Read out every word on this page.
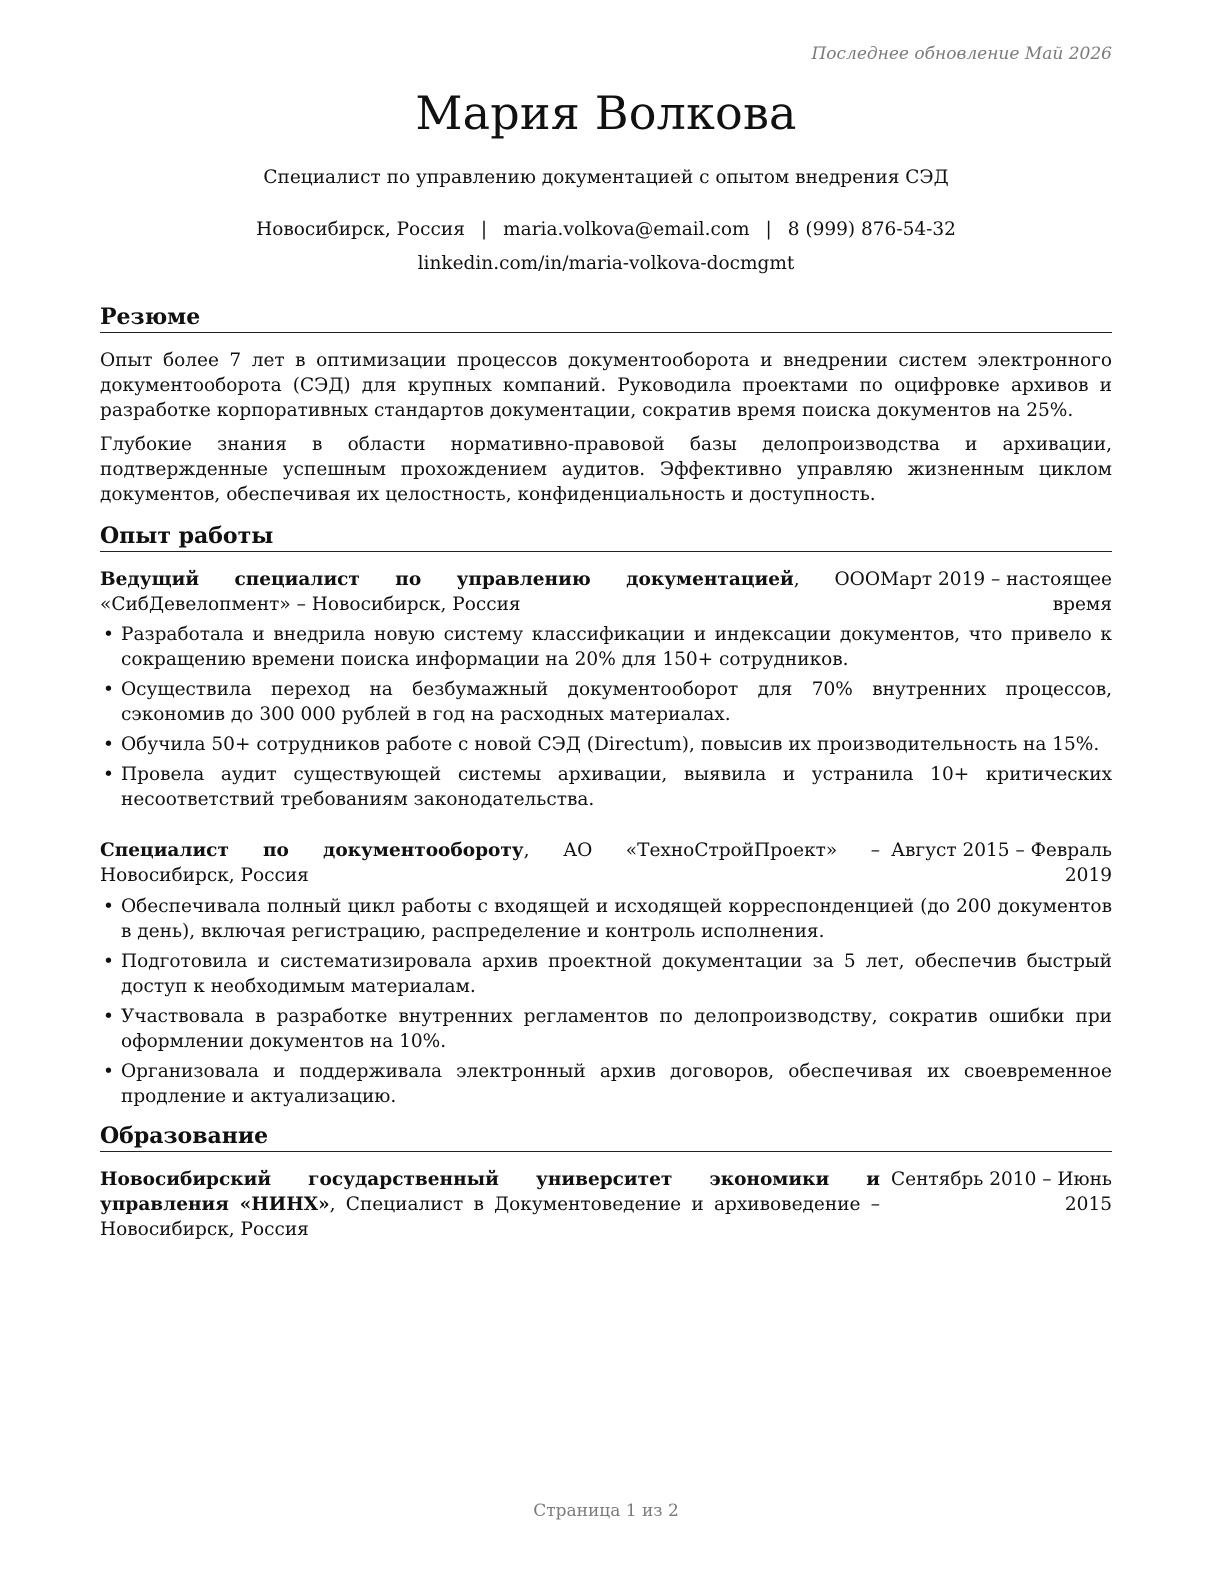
Последнее обновление Май 2026
Мария Волкова
Специалист по управлению документацией с опытом внедрения СЭД
Новосибирск, Россия | maria.volkova@email.com | 8 (999) 876-54-32
linkedin.com/in/maria-volkova-docmgmt
Резюме
Опыт более 7 лет в оптимизации процессов документооборота и внедрении систем электронного документооборота (СЭД) для крупных компаний. Руководила проектами по оцифровке архивов и разработке корпоративных стандартов документации, сократив время поиска документов на 25%.
Глубокие знания в области нормативно-правовой базы делопроизводства и архивации, подтвержденные успешным прохождением аудитов. Эффективно управляю жизненным циклом документов, обеспечивая их целостность, конфиденциальность и доступность.
Опыт работы
Ведущий специалист по управлению документацией, ООО «СибДевелопмент» – Новосибирск, Россия
Март 2019 – настоящее время
• Разработала и внедрила новую систему классификации и индексации документов, что привело к сокращению времени поиска информации на 20% для 150+ сотрудников.
• Осуществила переход на безбумажный документооборот для 70% внутренних процессов, сэкономив до 300 000 рублей в год на расходных материалах.
• Обучила 50+ сотрудников работе с новой СЭД (Directum), повысив их производительность на 15%.
• Провела аудит существующей системы архивации, выявила и устранила 10+ критических несоответствий требованиям законодательства.
Специалист по документообороту, АО «ТехноСтройПроект» – Новосибирск, Россия
Август 2015 – Февраль 2019
• Обеспечивала полный цикл работы с входящей и исходящей корреспонденцией (до 200 документов в день), включая регистрацию, распределение и контроль исполнения.
• Подготовила и систематизировала архив проектной документации за 5 лет, обеспечив быстрый доступ к необходимым материалам.
• Участвовала в разработке внутренних регламентов по делопроизводству, сократив ошибки при оформлении документов на 10%.
• Организовала и поддерживала электронный архив договоров, обеспечивая их своевременное продление и актуализацию.
Образование
Новосибирский государственный университет экономики и управления «НИНХ», Специалист в Документоведение и архивоведение – Новосибирск, Россия
Сентябрь 2010 – Июнь 2015
Страница 1 из 2
